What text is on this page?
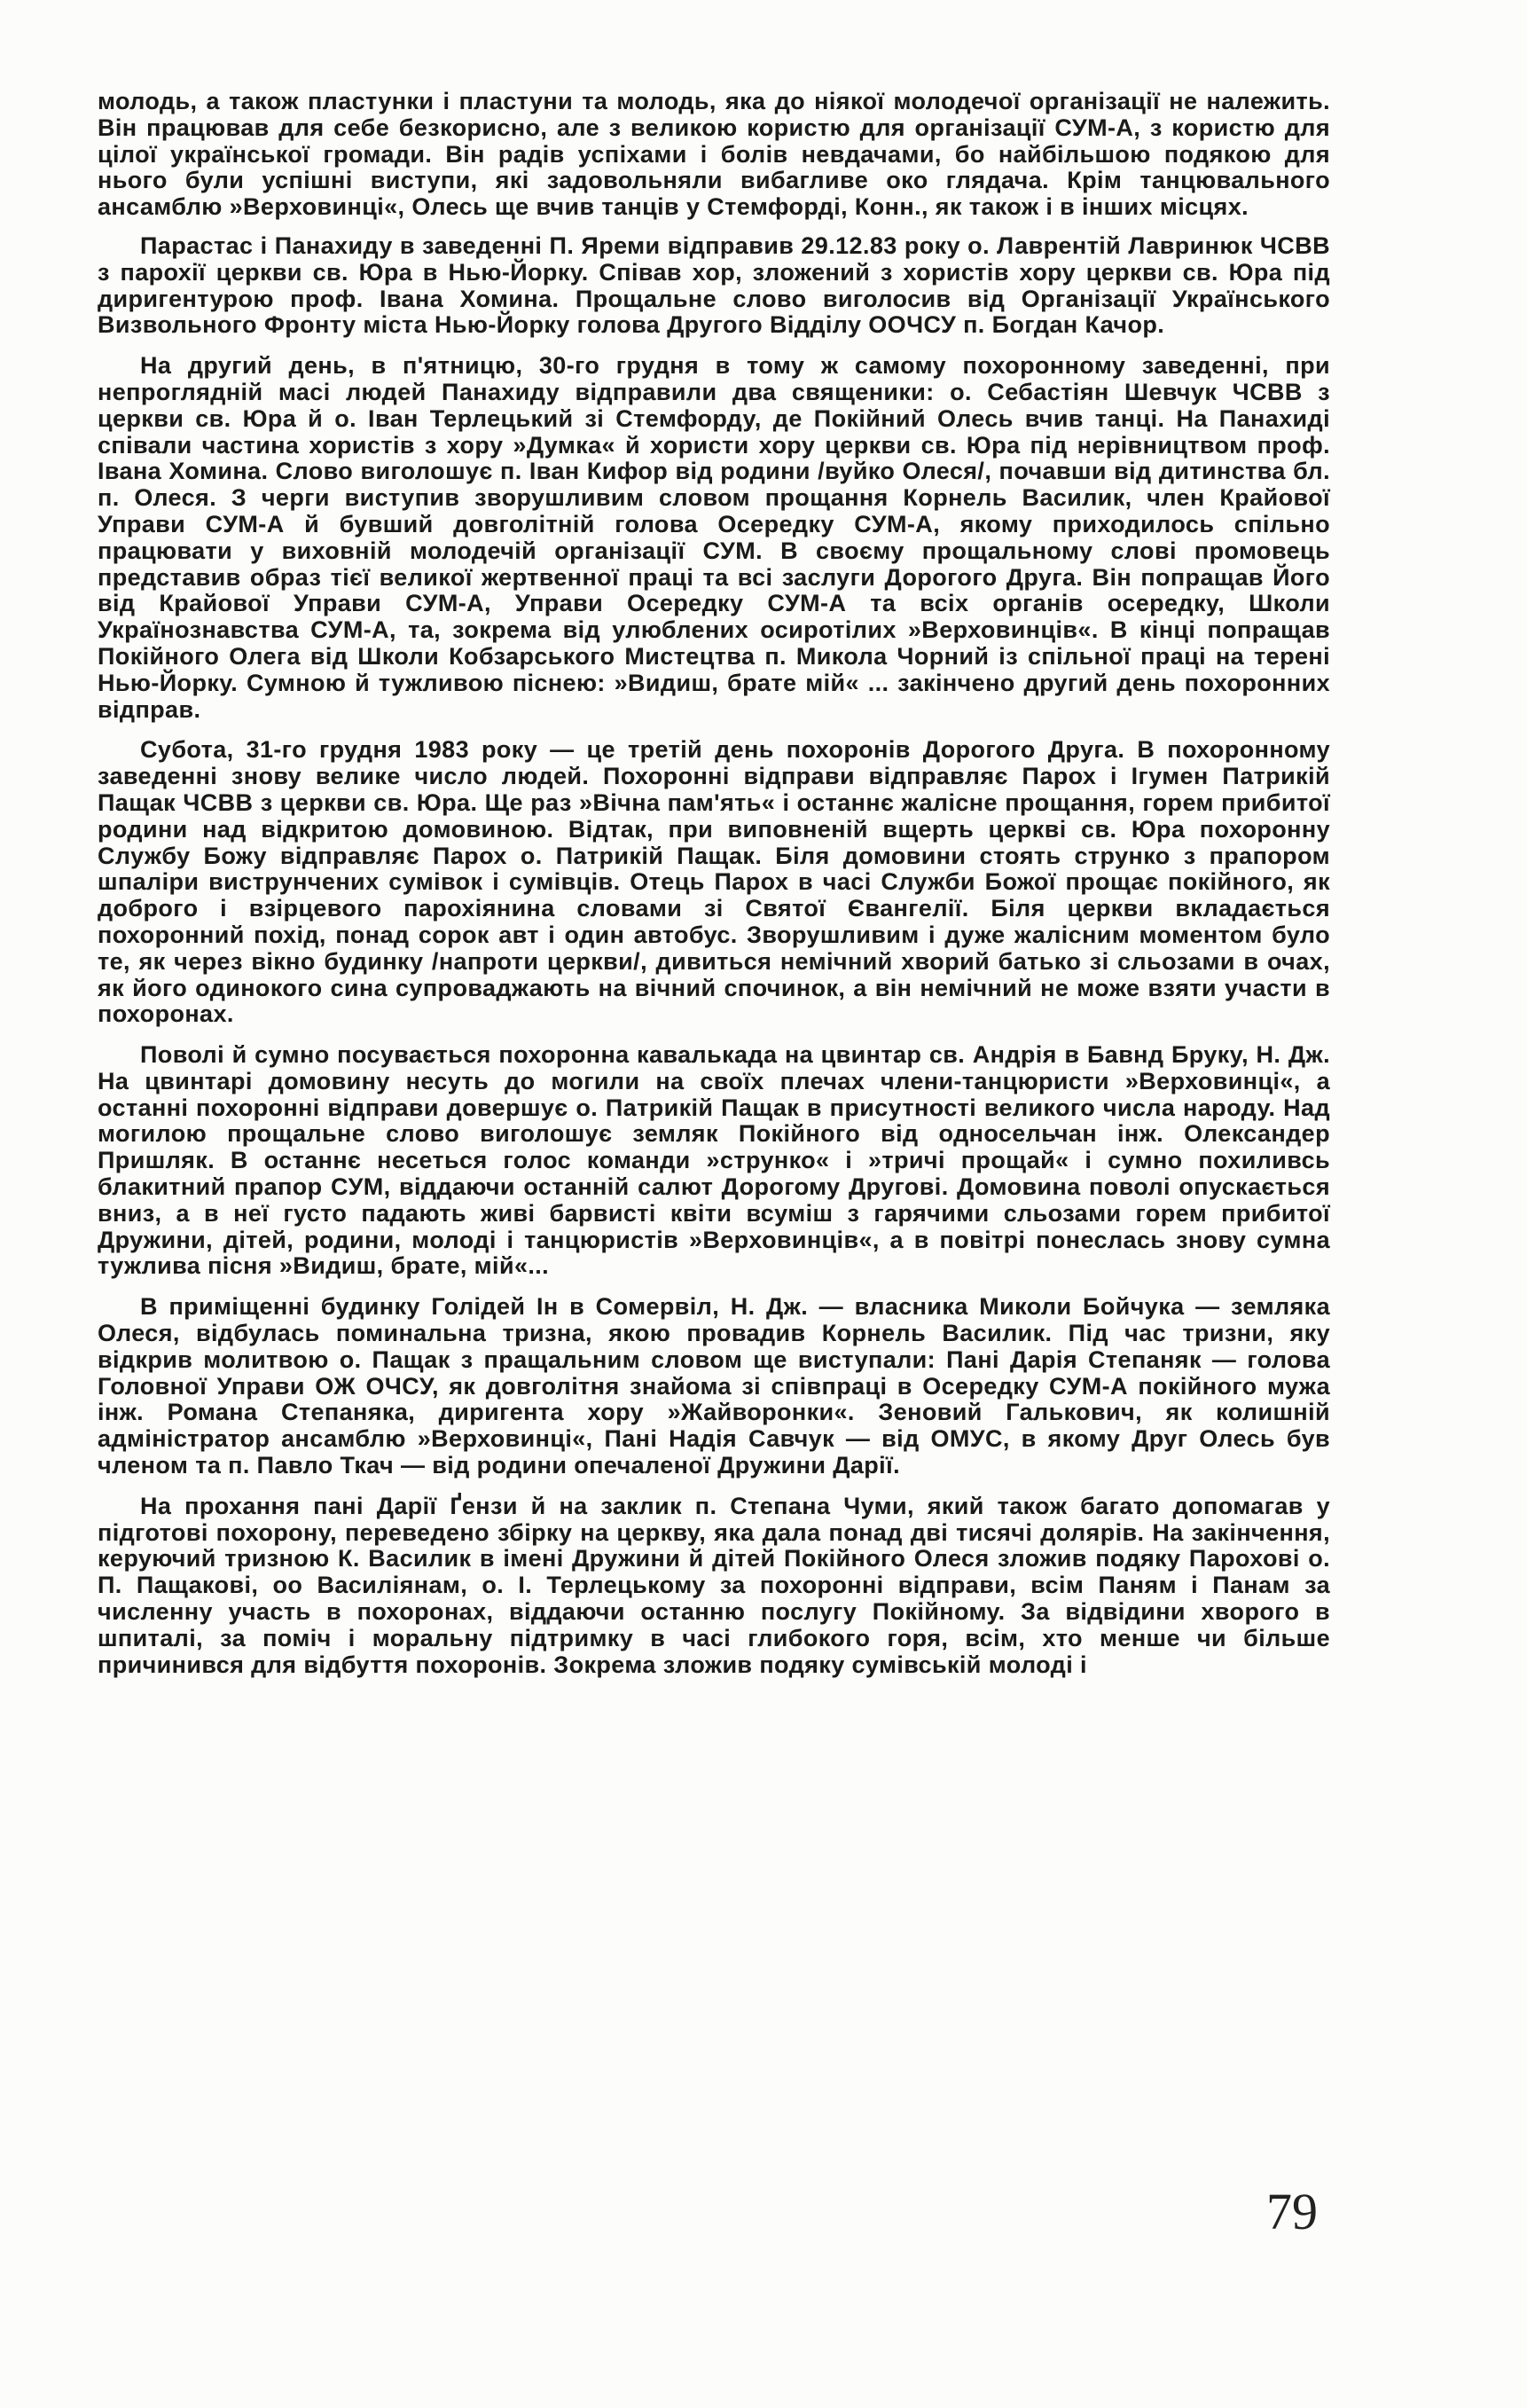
молодь, а також пластунки і пластуни та молодь, яка до ніякої молодечої організації не належить. Він працював для себе безкорисно, але з великою користю для організації СУМ-А, з користю для цілої української громади. Він радів успіхами і болів невдачами, бо найбільшою подякою для нього були успішні виступи, які задовольняли вибагливе око глядача. Крім танцювального ансамблю »Верховинці«, Олесь ще вчив танців у Стемфорді, Конн., як також і в інших місцях.

Парастас і Панахиду в заведенні П. Яреми відправив 29.12.83 року о. Лаврентій Лавринюк ЧСВВ з парохії церкви св. Юра в Нью-Йорку. Співав хор, зложений з хористів хору церкви св. Юра під диригентурою проф. Івана Хомина. Прощальне слово виголосив від Організації Українського Визвольного Фронту міста Нью-Йорку голова Другого Відділу ООЧСУ п. Богдан Качор.

На другий день, в п'ятницю, 30-го грудня в тому ж самому похоронному заведенні, при непроглядній масі людей Панахиду відправили два священики: о. Себастіян Шевчук ЧСВВ з церкви св. Юра й о. Іван Терлецький зі Стемфорду, де Покійний Олесь вчив танці. На Панахиді співали частина хористів з хору »Думка« й хористи хору церкви св. Юра під нерівництвом проф. Івана Хомина. Слово виголошує п. Іван Кифор від родини /вуйко Олеся/, почавши від дитинства бл. п. Олеся. З черги виступив зворушливим словом прощання Корнель Василик, член Крайової Управи СУМ-А й бувший довголітній голова Осередку СУМ-А, якому приходилось спільно працювати у виховній молодечій організації СУМ. В своєму прощальному слові промовець представив образ тієї великої жертвенної праці та всі заслуги Дорогого Друга. Він попращав Його від Крайової Управи СУМ-А, Управи Осередку СУМ-А та всіх органів осередку, Школи Українознавства СУМ-А, та, зокрема від улюблених осиротілих »Верховинців«. В кінці попращав Покійного Олега від Школи Кобзарського Мистецтва п. Микола Чорний із спільної праці на терені Нью-Йорку. Сумною й тужливою піснею: »Видиш, брате мій« ... закінчено другий день похоронних відправ.

Субота, 31-го грудня 1983 року — це третій день похоронів Дорогого Друга. В похоронному заведенні знову велике число людей. Похоронні відправи відправляє Парох і Ігумен Патрикій Пащак ЧСВВ з церкви св. Юра. Ще раз »Вічна пам'ять« і останнє жалісне прощання, горем прибитої родини над відкритою домовиною. Відтак, при виповненій вщерть церкві св. Юра похоронну Службу Божу відправляє Парох о. Патрикій Пащак. Біля домовини стоять струнко з прапором шпаліри виструнчених сумівок і сумівців. Отець Парох в часі Служби Божої прощає покійного, як доброго і взірцевого парохіянина словами зі Святої Євангелії. Біля церкви вкладається похоронний похід, понад сорок авт і один автобус. Зворушливим і дуже жалісним моментом було те, як через вікно будинку /напроти церкви/, дивиться немічний хворий батько зі сльозами в очах, як його одинокого сина супроваджають на вічний спочинок, а він немічний не може взяти участи в похоронах.

Поволі й сумно посувається похоронна кавалькада на цвинтар св. Андрія в Бавнд Бруку, Н. Дж. На цвинтарі домовину несуть до могили на своїх плечах члени-танцюристи »Верховинці«, а останні похоронні відправи довершує о. Патрикій Пащак в присутності великого числа народу. Над могилою прощальне слово виголошує земляк Покійного від односельчан інж. Олександер Пришляк. В останнє несеться голос команди »струнко« і »тричі прощай« і сумно похиливсь блакитний прапор СУМ, віддаючи останній салют Дорогому Друговi. Домовина поволі опускається вниз, а в неї густо падають живі барвисті квіти всуміш з гарячими сльозами горем прибитої Дружини, дітей, родини, молоді і танцюристів »Верховинців«, а в повітрі понеслась знову сумна тужлива пісня »Видиш, брате, мій«...

В приміщенні будинку Голідей Ін в Сомервіл, Н. Дж. — власника Миколи Бойчука — земляка Олеся, відбулась поминальна тризна, якою провадив Корнель Василик. Під час тризни, яку відкрив молитвою о. Пащак з пращальним словом ще виступали: Пані Дарія Степаняк — голова Головної Управи ОЖ ОЧСУ, як довголітня знайома зі співпраці в Осередку СУМ-А покійного мужа інж. Романа Степаняка, диригента хору »Жайворонки«. Зеновий Галькович, як колишній адміністратор ансамблю »Верховинці«, Пані Надія Савчук — від ОМУС, в якому Друг Олесь був членом та п. Павло Ткач — від родини опечаленої Дружини Дарії.

На прохання пані Дарії Ґензи й на заклик п. Степана Чуми, який також багато допомагав у підготові похорону, переведено збірку на церкву, яка дала понад дві тисячі долярів. На закінчення, керуючий тризною К. Василик в імені Дружини й дітей Покійного Олеся зложив подяку Парохові о. П. Пащакові, оо Василіянам, о. І. Терлецькому за похоронні відправи, всім Паням і Панам за численну участь в похоронах, віддаючи останню послугу Покійному. За відвідини хворого в шпиталі, за поміч і моральну підтримку в часі глибокого горя, всім, хто менше чи більше причинився для відбуття похоронів. Зокрема зложив подяку сумівській молоді і

79
